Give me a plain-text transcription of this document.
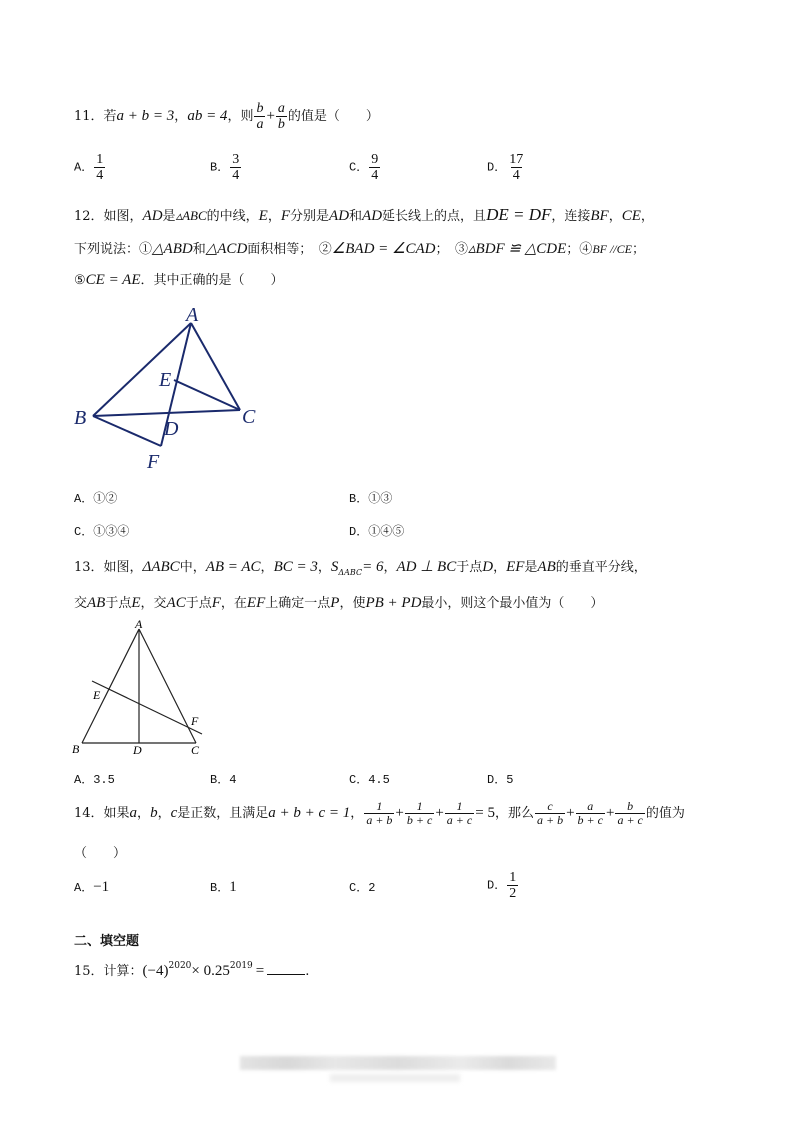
11．若a + b = 3，ab = 4，则 $\frac{b}{a} + \frac{a}{b}$ 的值是（　　）
A． $\frac{1}{4}$	B． $\frac{3}{4}$	C． $\frac{9}{4}$	D． $\frac{17}{4}$
12．如图，AD是▵ABC的中线，E，F分别是AD和AD延长线上的点，且DE = DF，连接BF，CE，
下列说法：①△ABD和△ACD面积相等；　②∠BAD = ∠CAD；　③▵BDF ≌ △CDE；④BF //CE；
⑤CE = AE．其中正确的是（　　）
A
B	C
D
E
F
A．①②	B．①③
C．①③④	D．①④⑤
13．如图，ΔABC中，AB = AC，BC = 3，$S_{\Delta ABC}= 6$，AD ⊥ BC于点D，EF是AB的垂直平分线，
交AB于点E，交AC于点F，在EF上确定一点P，使PB + PD最小，则这个最小值为（　　）
A
B	C
D
E
F
A．3.5	B．4	C．4.5	D．5
14．如果a，b，c是正数，且满足a + b + c = 1， $\frac{1}{a + b} + \frac{1}{b + c} + \frac{1}{a + c} = 5$，那么 $\frac{c}{a + b} + \frac{a}{b + c} + \frac{b}{a + c}$ 的值为
（　　）
A．−1	B．1	C．2	D． $\frac{1}{2}$
二、填空题
15．计算：$(-4)^{2020}\times 0.25^{2019}$ =	.
